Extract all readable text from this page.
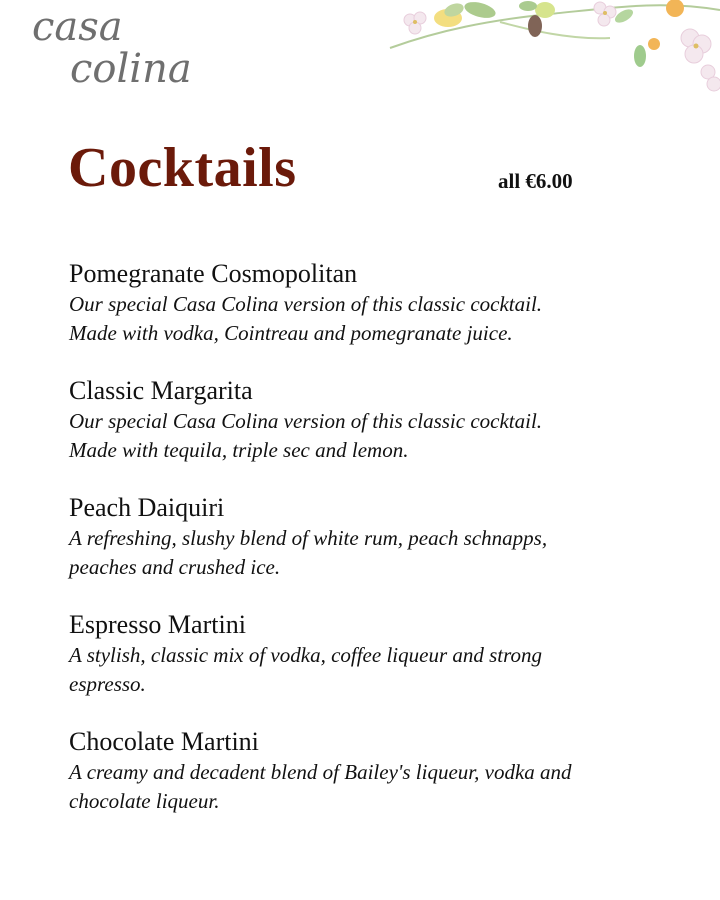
casa
colina
Cocktails	all €6.00
Pomegranate Cosmopolitan
Our special Casa Colina version of this classic cocktail.
Made with vodka, Cointreau and pomegranate juice.
Classic Margarita
Our special Casa Colina version of this classic cocktail.
Made with tequila, triple sec and lemon.
Peach Daiquiri
A refreshing, slushy blend of white rum, peach schnapps,
peaches and crushed ice.
Espresso Martini
A stylish, classic mix of vodka, coffee liqueur and strong
espresso.
Chocolate Martini
A creamy and decadent blend of Bailey's liqueur, vodka and
chocolate liqueur.
